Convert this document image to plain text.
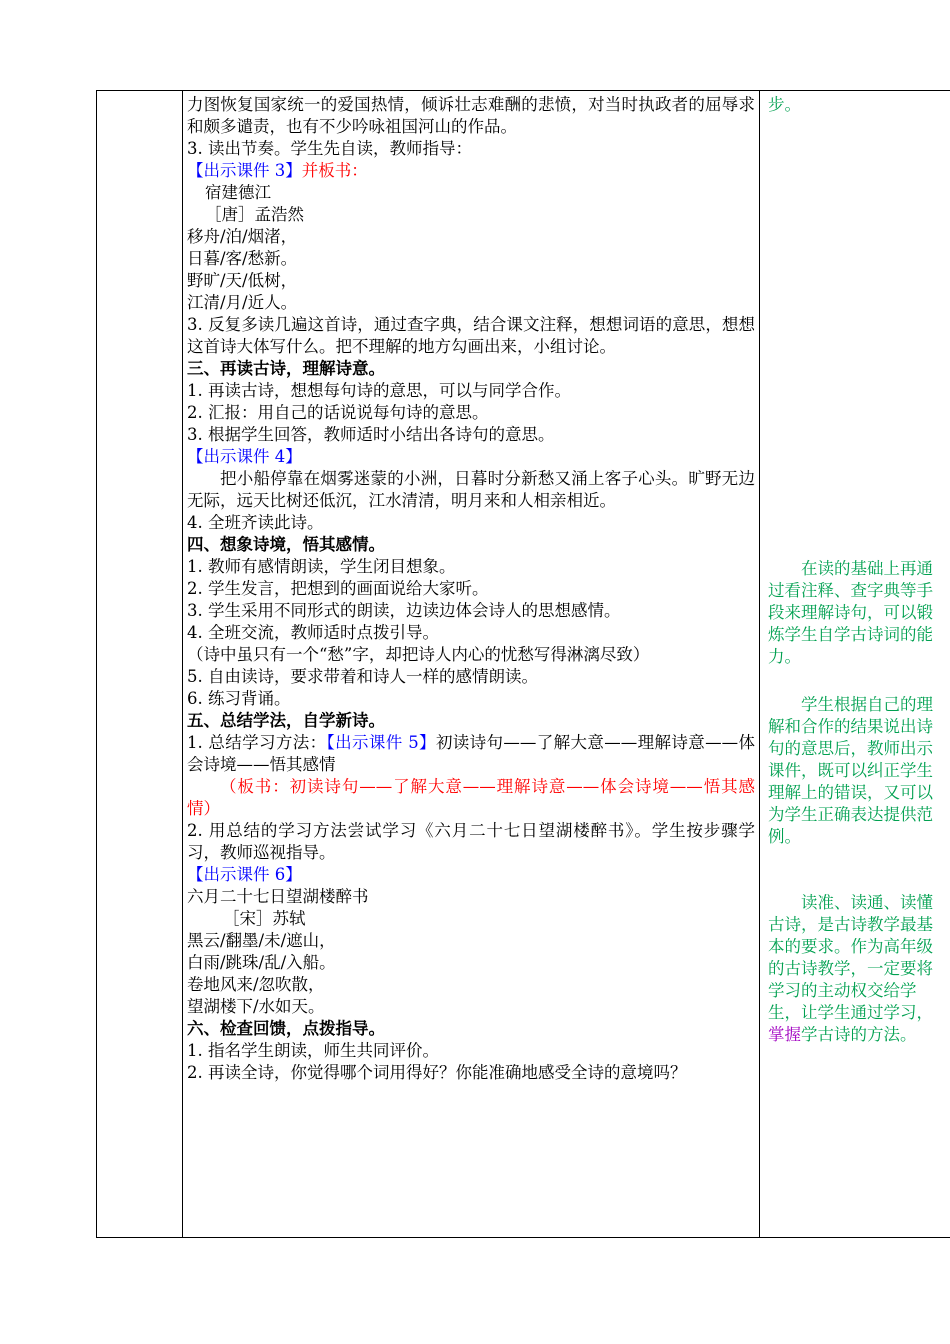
力图恢复国家统一的爱国热情，倾诉壮志难酬的悲愤，对当时执政者的屈辱求和颇多谴责，也有不少吟咏祖国河山的作品。

3. 读出节奏。学生先自读，教师指导：

【出示课件 3】并板书：

宿建德江

［唐］孟浩然

移舟/泊/烟渚，

日暮/客/愁新。

野旷/天/低树，

江清/月/近人。

3. 反复多读几遍这首诗，通过查字典，结合课文注释，想想词语的意思，想想这首诗大体写什么。把不理解的地方勾画出来，小组讨论。

三、再读古诗，理解诗意。

1. 再读古诗，想想每句诗的意思，可以与同学合作。

2. 汇报：用自己的话说说每句诗的意思。

3. 根据学生回答，教师适时小结出各诗句的意思。

【出示课件 4】

把小船停靠在烟雾迷蒙的小洲，日暮时分新愁又涌上客子心头。旷野无边无际，远天比树还低沉，江水清清，明月来和人相亲相近。

4. 全班齐读此诗。

四、想象诗境，悟其感情。

1. 教师有感情朗读，学生闭目想象。

2. 学生发言，把想到的画面说给大家听。

3. 学生采用不同形式的朗读，边读边体会诗人的思想感情。

4. 全班交流，教师适时点拨引导。

（诗中虽只有一个“愁”字，却把诗人内心的忧愁写得淋漓尽致）

5. 自由读诗，要求带着和诗人一样的感情朗读。

6. 练习背诵。

五、总结学法，自学新诗。

1. 总结学习方法：【出示课件 5】初读诗句——了解大意——理解诗意——体会诗境——悟其感情

（板书：初读诗句——了解大意——理解诗意——体会诗境——悟其感情）

2. 用总结的学习方法尝试学习《六月二十七日望湖楼醉书》。学生按步骤学习，教师巡视指导。

【出示课件 6】

六月二十七日望湖楼醉书

［宋］苏轼

黑云/翻墨/未/遮山，

白雨/跳珠/乱/入船。

卷地风来/忽吹散，

望湖楼下/水如天。

六、检查回馈，点拨指导。

1. 指名学生朗读，师生共同评价。

2. 再读全诗，你觉得哪个词用得好？你能准确地感受全诗的意境吗？

步。

在读的基础上再通过看注释、查字典等手段来理解诗句，可以锻炼学生自学古诗词的能力。

学生根据自己的理解和合作的结果说出诗句的意思后，教师出示课件，既可以纠正学生理解上的错误，又可以为学生正确表达提供范例。

读准、读通、读懂古诗，是古诗教学最基本的要求。作为高年级的古诗教学，一定要将学习的主动权交给学生，让学生通过学习，掌握学古诗的方法。
